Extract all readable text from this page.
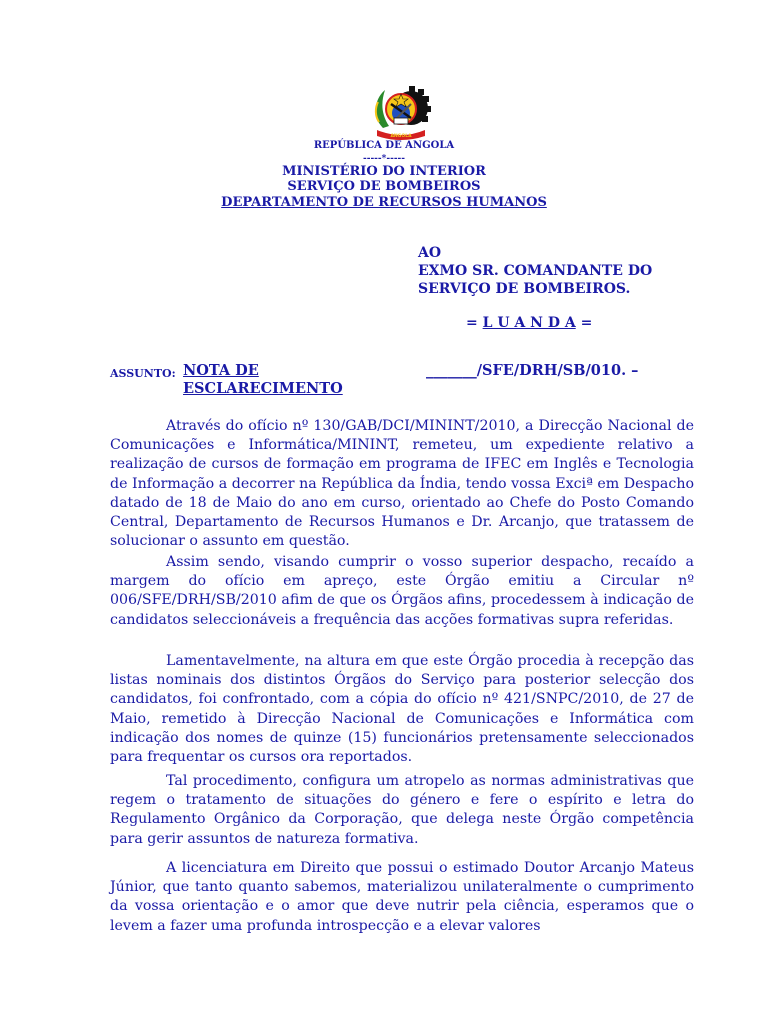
ANGOLA
REPÚBLICA DE ANGOLA
-----*-----
MINISTÉRIO DO INTERIOR
SERVIÇO DE BOMBEIROS
DEPARTAMENTO DE RECURSOS HUMANOS
AO
EXMO SR. COMANDANTE DO
SERVIÇO DE BOMBEIROS.
= L U A N D A =
ASSUNTO: NOTA DE
ESCLARECIMENTO
_______/SFE/DRH/SB/010. –

Através do ofício nº 130/GAB/DCI/MININT/2010, a Direcção Nacional de Comunicações e Informática/MININT, remeteu, um expediente relativo a realização de cursos de formação em programa de IFEC em Inglês e Tecnologia de Informação a decorrer na República da Índia, tendo vossa Exciª em Despacho datado de 18 de Maio do ano em curso, orientado ao Chefe do Posto Comando Central, Departamento de Recursos Humanos e Dr. Arcanjo, que tratassem de solucionar o assunto em questão.

Assim sendo, visando cumprir o vosso superior despacho, recaído a margem do ofício em apreço, este Órgão emitiu a Circular nº 006/SFE/DRH/SB/2010 afim de que os Órgãos afins, procedessem à indicação de candidatos seleccionáveis a frequência das acções formativas supra referidas.

Lamentavelmente, na altura em que este Órgão procedia à recepção das listas nominais dos distintos Órgãos do Serviço para posterior selecção dos candidatos, foi confrontado, com a cópia do ofício nº 421/SNPC/2010, de 27 de Maio, remetido à Direcção Nacional de Comunicações e Informática com indicação dos nomes de quinze (15) funcionários pretensamente seleccionados para frequentar os cursos ora reportados.

Tal procedimento, configura um atropelo as normas administrativas que regem o tratamento de situações do género e fere o espírito e letra do Regulamento Orgânico da Corporação, que delega neste Órgão competência para gerir assuntos de natureza formativa.

A licenciatura em Direito que possui o estimado Doutor Arcanjo Mateus Júnior, que tanto quanto sabemos, materializou unilateralmente o cumprimento da vossa orientação e o amor que deve nutrir pela ciência, esperamos que o levem a fazer uma profunda introspecção e a elevar valores
